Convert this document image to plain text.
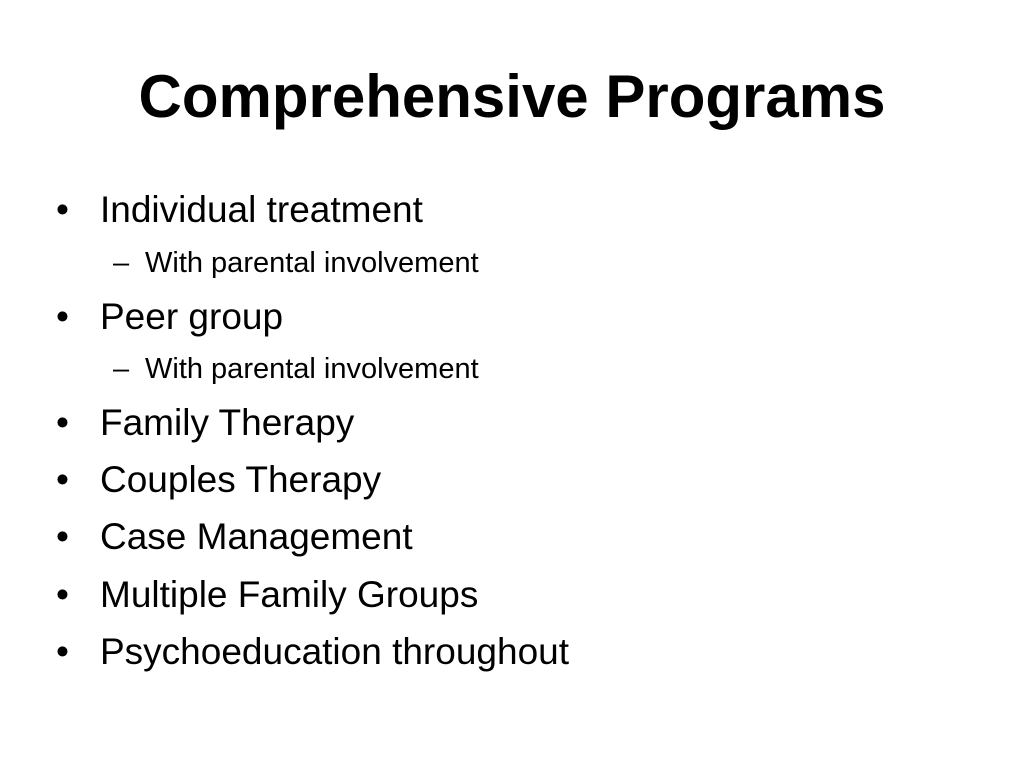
Comprehensive Programs
• Individual treatment
– With parental involvement
• Peer group
– With parental involvement
• Family Therapy
• Couples Therapy
• Case Management
• Multiple Family Groups
• Psychoeducation throughout
